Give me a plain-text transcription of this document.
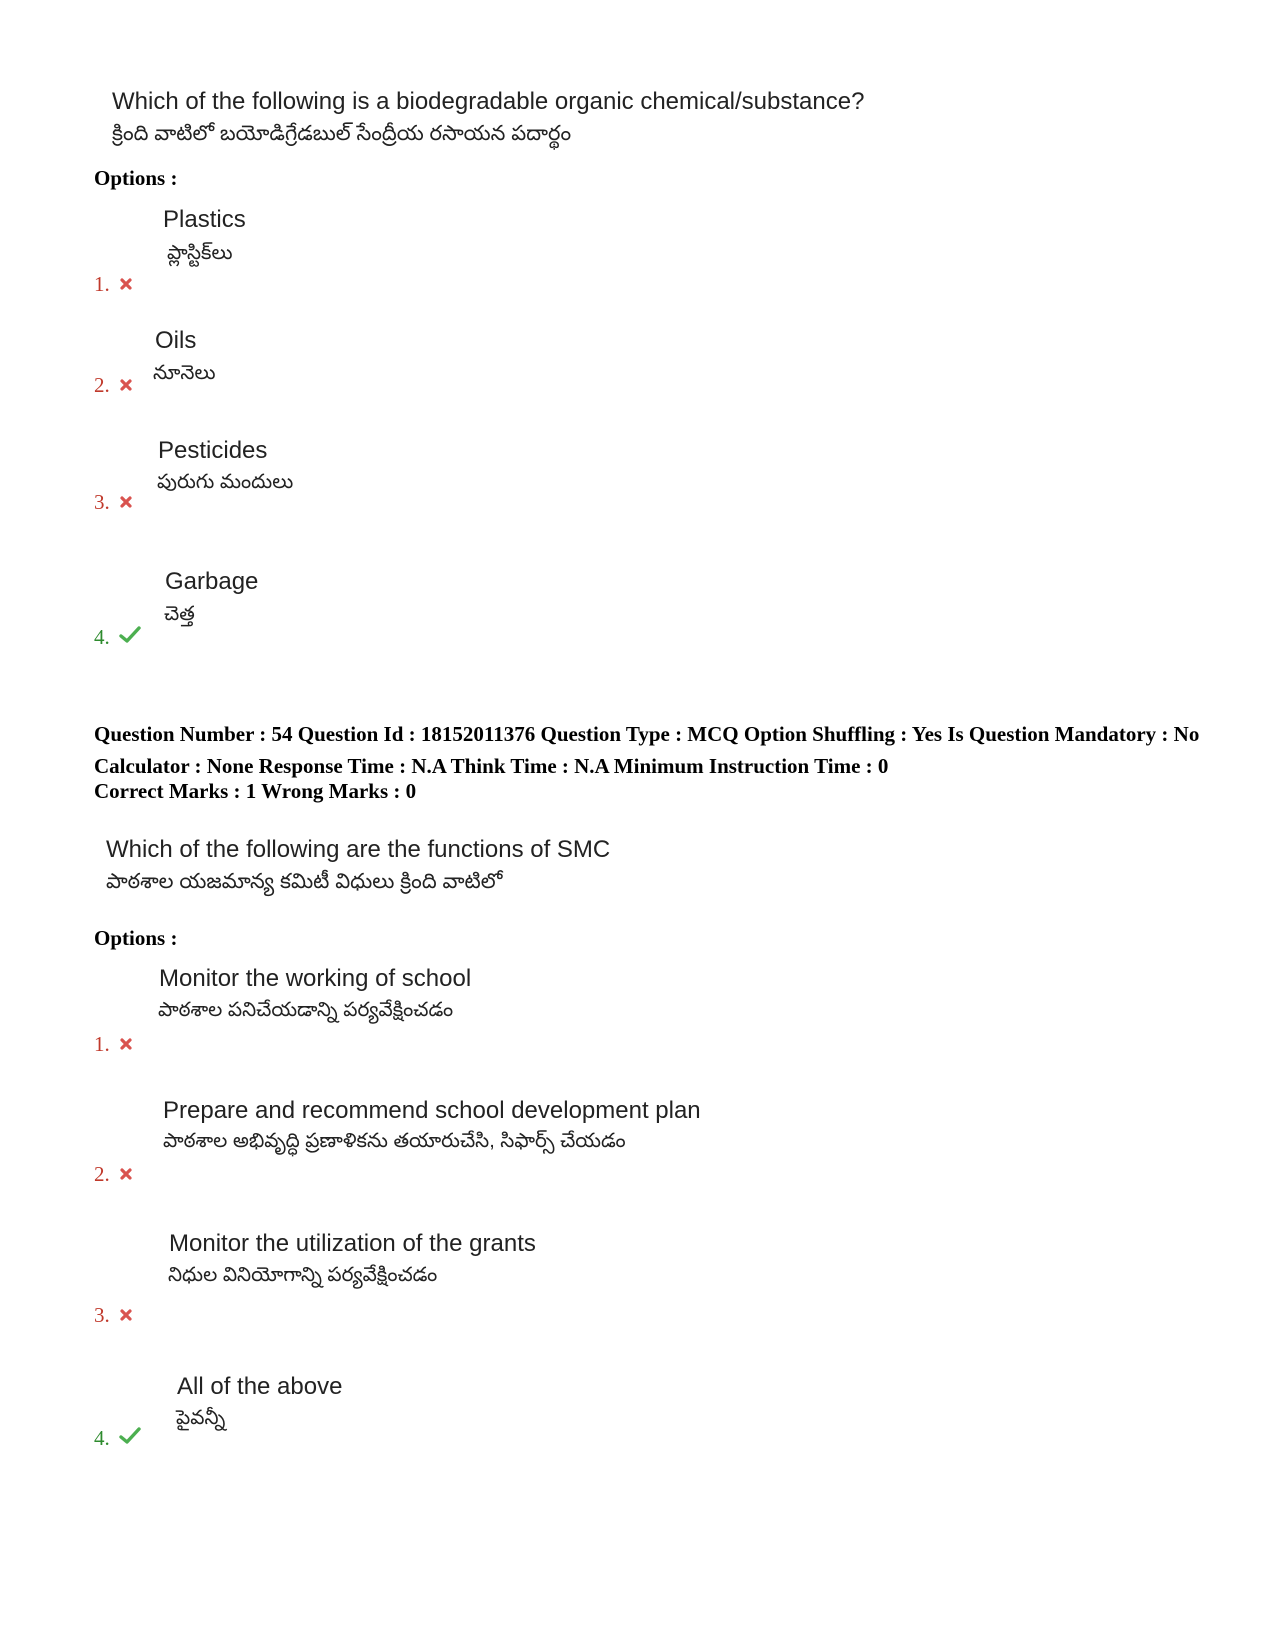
Which of the following is a biodegradable organic chemical/substance?
క్రింది వాటిలో బయోడిగ్రేడబుల్ సేంద్రీయ రసాయన పదార్థం
Options :
Plastics
ప్లాస్టిక్‌లు
1.
Oils
నూనెలు
2.
Pesticides
పురుగు మందులు
3.
Garbage
చెత్త
4.
Question Number : 54 Question Id : 18152011376 Question Type : MCQ Option Shuffling : Yes Is Question Mandatory : No Calculator : None Response Time : N.A Think Time : N.A Minimum Instruction Time : 0
Correct Marks : 1 Wrong Marks : 0
Which of the following are the functions of SMC
పాఠశాల యజమాన్య కమిటీ విధులు క్రింది వాటిలో
Options :
Monitor the working of school
పాఠశాల పనిచేయడాన్ని పర్యవేక్షించడం
1.
Prepare and recommend school development plan
పాఠశాల అభివృద్ధి ప్రణాళికను తయారుచేసి, సిఫార్స్ చేయడం
2.
Monitor the utilization of the grants
నిధుల వినియోగాన్ని పర్యవేక్షించడం
3.
All of the above
పైవన్నీ
4.
